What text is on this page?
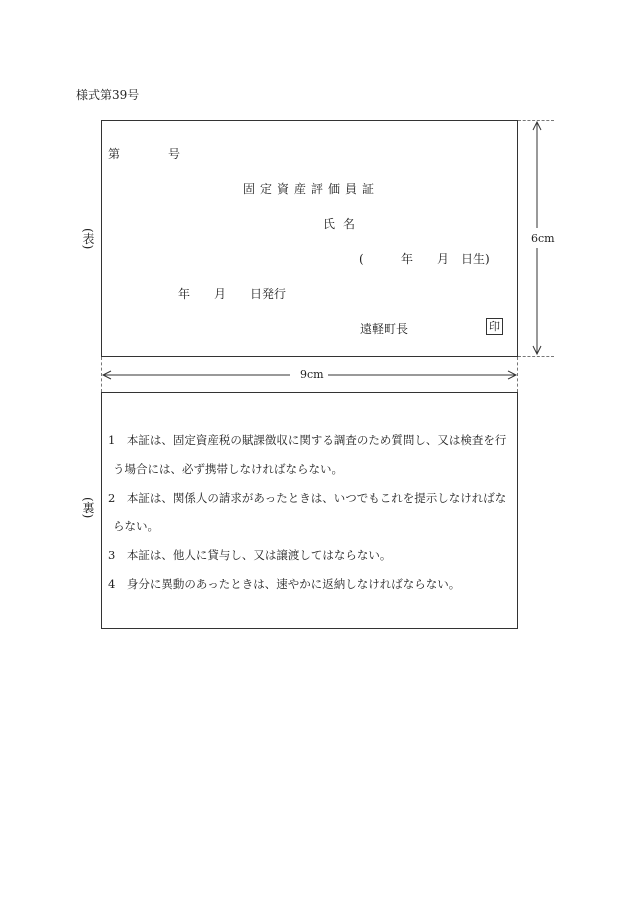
様式第39号
(表)
(裏)
第	号
固定資産評価員証
氏名
(	年 月 日生)
年 月 日発行
遠軽町長	印
6cm
9cm
1　本証は、固定資産税の賦課徴収に関する調査のため質問し、又は検査を行
う場合には、必ず携帯しなければならない。
2　本証は、関係人の請求があったときは、いつでもこれを提示しなければな
らない。
3　本証は、他人に貸与し、又は譲渡してはならない。
4　身分に異動のあったときは、速やかに返納しなければならない。
